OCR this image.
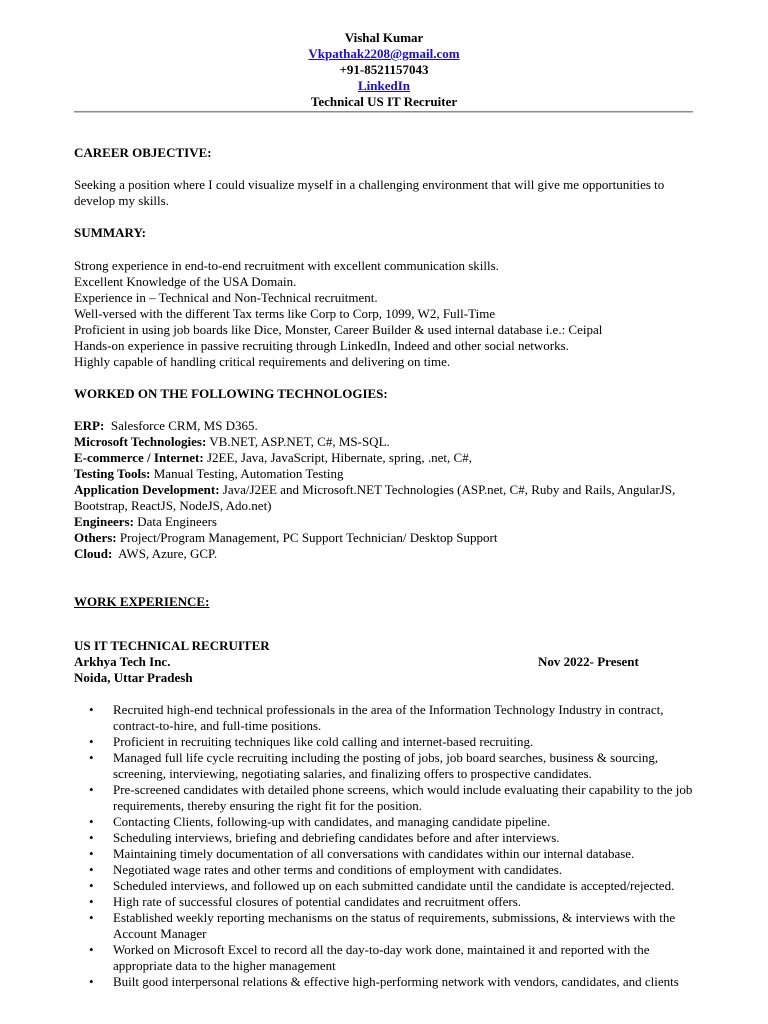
Vishal Kumar
Vkpathak2208@gmail.com
+91-8521157043
LinkedIn
Technical US IT Recruiter
CAREER OBJECTIVE:
Seeking a position where I could visualize myself in a challenging environment that will give me opportunities to
develop my skills.
SUMMARY:
Strong experience in end-to-end recruitment with excellent communication skills.
Excellent Knowledge of the USA Domain.
Experience in – Technical and Non-Technical recruitment.
Well-versed with the different Tax terms like Corp to Corp, 1099, W2, Full-Time
Proficient in using job boards like Dice, Monster, Career Builder & used internal database i.e.: Ceipal
Hands-on experience in passive recruiting through LinkedIn, Indeed and other social networks.
Highly capable of handling critical requirements and delivering on time.
WORKED ON THE FOLLOWING TECHNOLOGIES:
ERP:  Salesforce CRM, MS D365.
Microsoft Technologies: VB.NET, ASP.NET, C#, MS-SQL.
E-commerce / Internet: J2EE, Java, JavaScript, Hibernate, spring, .net, C#,
Testing Tools: Manual Testing, Automation Testing
Application Development: Java/J2EE and Microsoft.NET Technologies (ASP.net, C#, Ruby and Rails, AngularJS,
Bootstrap, ReactJS, NodeJS, Ado.net)
Engineers: Data Engineers
Others: Project/Program Management, PC Support Technician/ Desktop Support
Cloud:  AWS, Azure, GCP.
WORK EXPERIENCE:
US IT TECHNICAL RECRUITER
Arkhya Tech Inc.	Nov 2022- Present
Noida, Uttar Pradesh
• Recruited high-end technical professionals in the area of the Information Technology Industry in contract,
contract-to-hire, and full-time positions.
• Proficient in recruiting techniques like cold calling and internet-based recruiting.
• Managed full life cycle recruiting including the posting of jobs, job board searches, business & sourcing,
screening, interviewing, negotiating salaries, and finalizing offers to prospective candidates.
• Pre-screened candidates with detailed phone screens, which would include evaluating their capability to the job
requirements, thereby ensuring the right fit for the position.
• Contacting Clients, following-up with candidates, and managing candidate pipeline.
• Scheduling interviews, briefing and debriefing candidates before and after interviews.
• Maintaining timely documentation of all conversations with candidates within our internal database.
• Negotiated wage rates and other terms and conditions of employment with candidates.
• Scheduled interviews, and followed up on each submitted candidate until the candidate is accepted/rejected.
• High rate of successful closures of potential candidates and recruitment offers.
• Established weekly reporting mechanisms on the status of requirements, submissions, & interviews with the
Account Manager
• Worked on Microsoft Excel to record all the day-to-day work done, maintained it and reported with the
appropriate data to the higher management
• Built good interpersonal relations & effective high-performing network with vendors, candidates, and clients
